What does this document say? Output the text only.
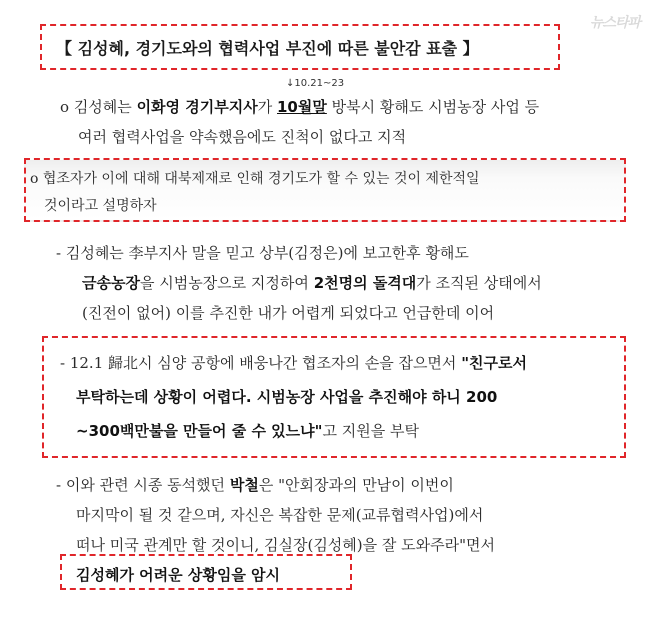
뉴스타파
【 김성혜, 경기도와의 협력사업 부진에 따른 불안감 표출 】
↓10.21~23
o 김성혜는 이화영 경기부지사가 10월말 방북시 황해도 시범농장 사업 등
여러 협력사업을 약속했음에도 진척이 없다고 지적
o 협조자가 이에 대해 대북제재로 인해 경기도가 할 수 있는 것이 제한적일
것이라고 설명하자
- 김성혜는 李부지사 말을 믿고 상부(김정은)에 보고한후 황해도
금송농장을 시범농장으로 지정하여 2천명의 돌격대가 조직된 상태에서
(진전이 없어) 이를 추진한 내가 어렵게 되었다고 언급한데 이어
- 12.1 歸北시 심양 공항에 배웅나간 협조자의 손을 잡으면서 "친구로서
부탁하는데 상황이 어렵다. 시범농장 사업을 추진해야 하니 200
~300백만불을 만들어 줄 수 있느냐"고 지원을 부탁
- 이와 관련 시종 동석했던 박철은 "안회장과의 만남이 이번이
마지막이 될 것 같으며, 자신은 복잡한 문제(교류협력사업)에서
떠나 미국 관계만 할 것이니, 김실장(김성혜)을 잘 도와주라"면서
김성혜가 어려운 상황임을 암시
